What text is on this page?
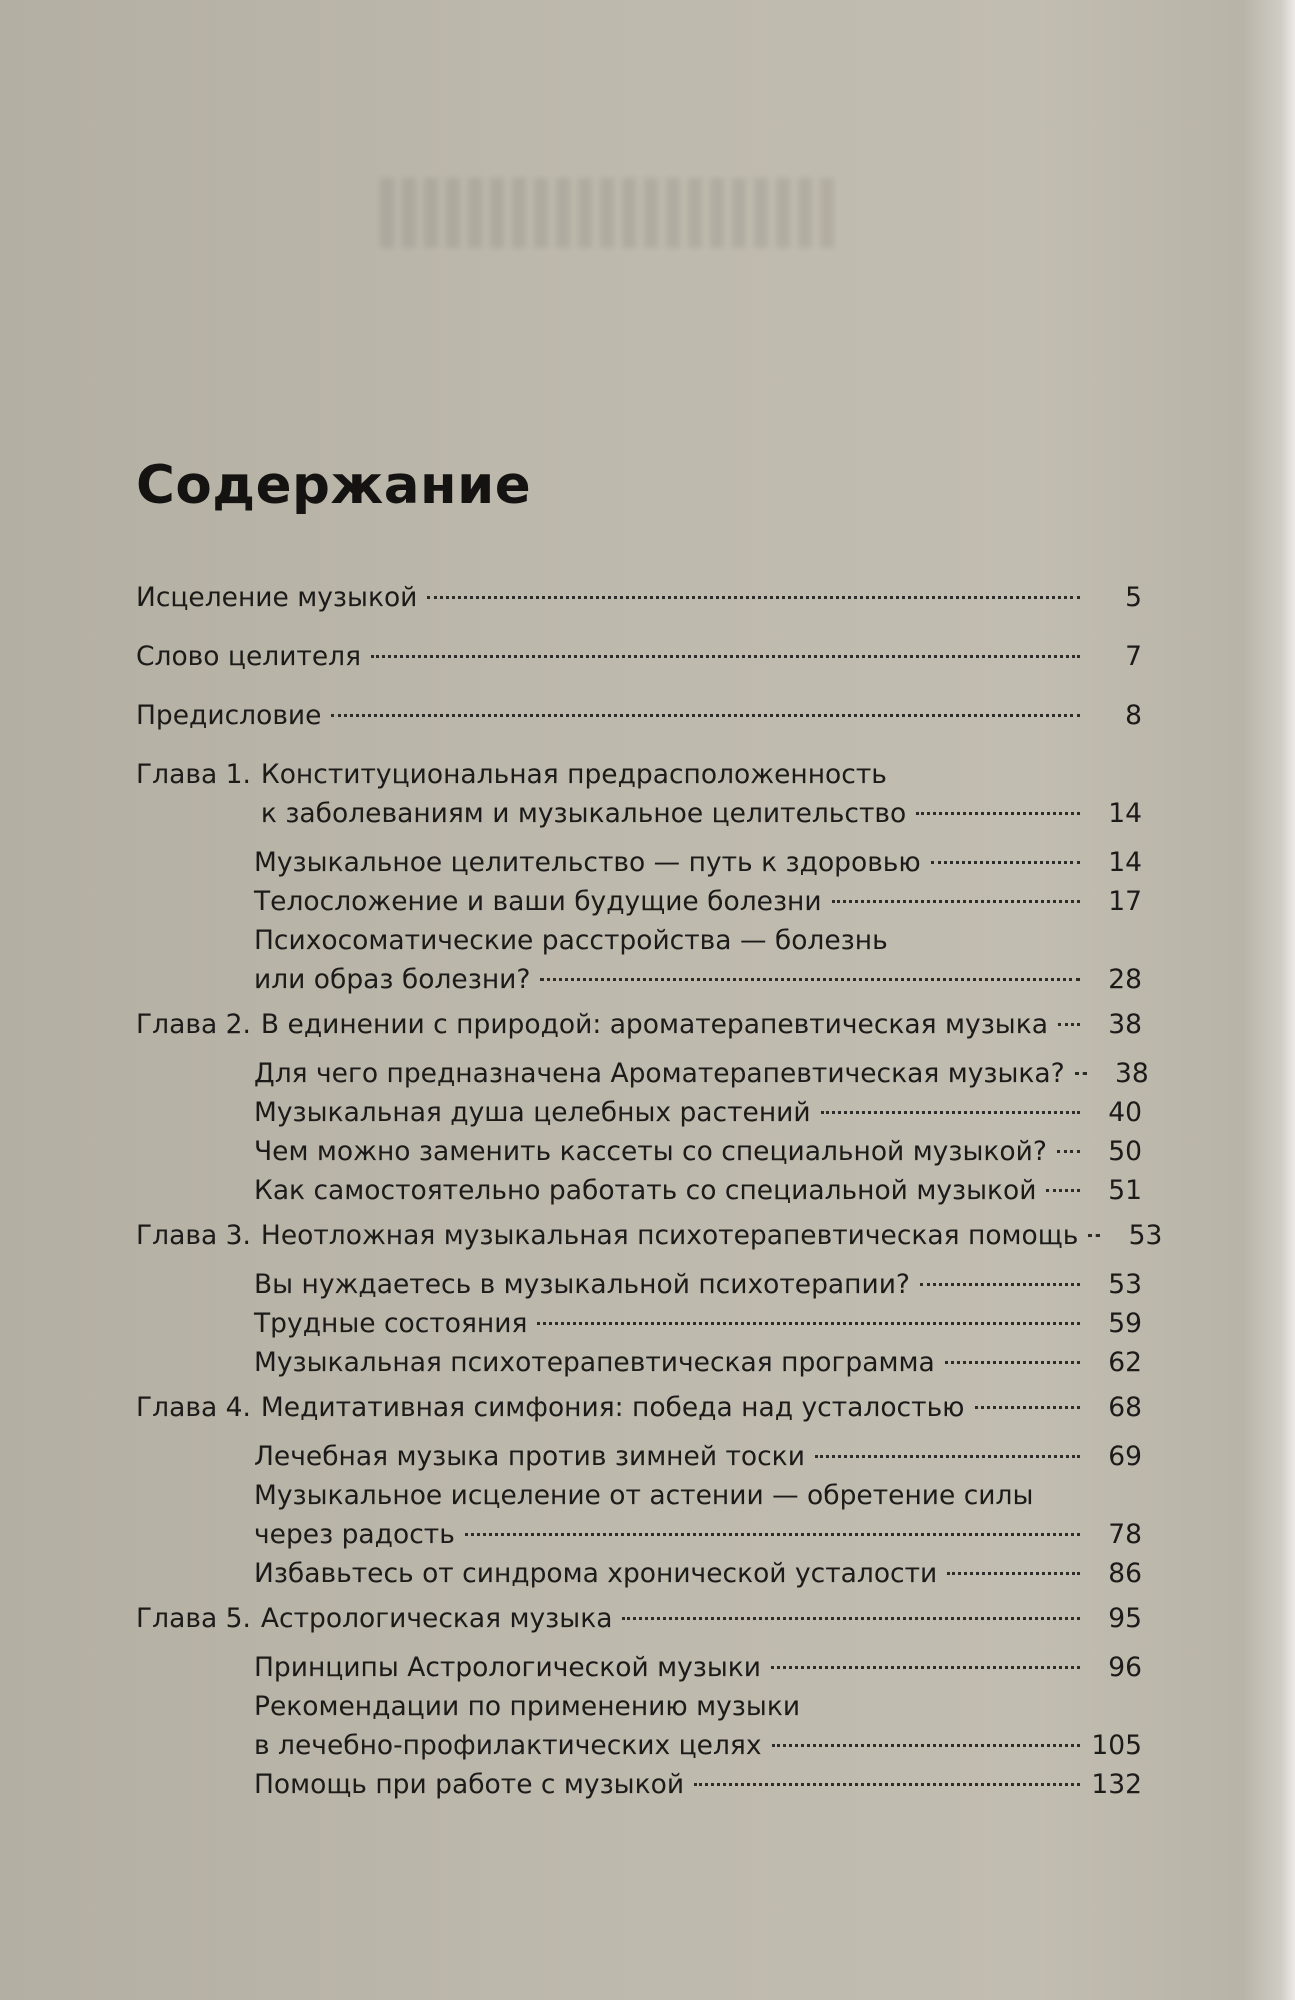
Содержание
Исцеление музыкой	5
Слово целителя	7
Предисловие	8
Глава 1. Конституциональная предрасположенность
к заболеваниям и музыкальное целительство	14
Музыкальное целительство — путь к здоровью	14
Телосложение и ваши будущие болезни	17
Психосоматические расстройства — болезнь
или образ болезни?	28
Глава 2. В единении с природой: ароматерапевтическая музыка	38
Для чего предназначена Ароматерапевтическая музыка?	38
Музыкальная душа целебных растений	40
Чем можно заменить кассеты со специальной музыкой?	50
Как самостоятельно работать со специальной музыкой	51
Глава 3. Неотложная музыкальная психотерапевтическая помощь	53
Вы нуждаетесь в музыкальной психотерапии?	53
Трудные состояния	59
Музыкальная психотерапевтическая программа	62
Глава 4. Медитативная симфония: победа над усталостью	68
Лечебная музыка против зимней тоски	69
Музыкальное исцеление от астении — обретение силы
через радость	78
Избавьтесь от синдрома хронической усталости	86
Глава 5. Астрологическая музыка	95
Принципы Астрологической музыки	96
Рекомендации по применению музыки
в лечебно-профилактических целях	105
Помощь при работе с музыкой	132
